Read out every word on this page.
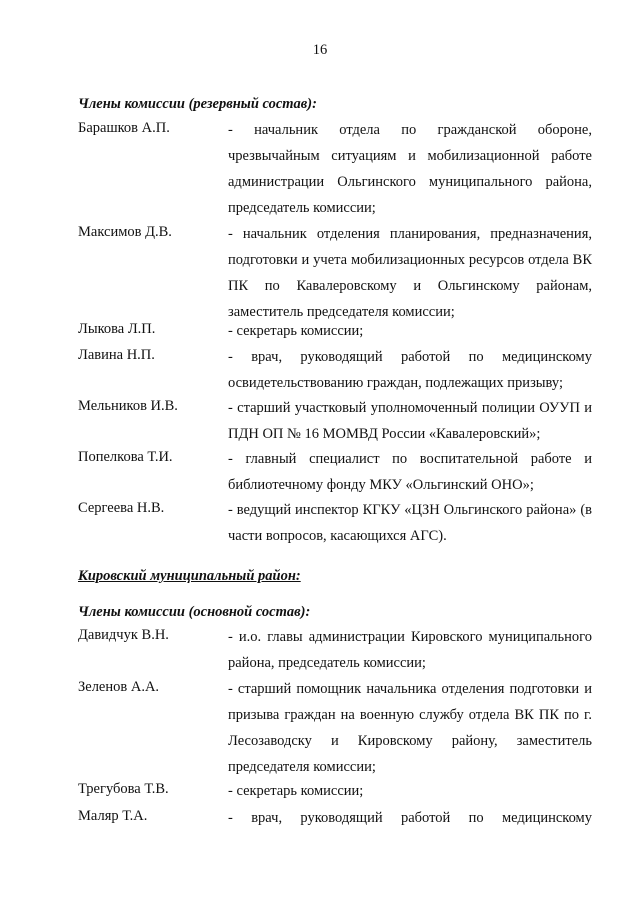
16
Члены комиссии (резервный состав):
Барашков А.П.	- начальник отдела по гражданской обороне, чрезвычайным ситуациям и мобилизационной работе администрации Ольгинского муниципального района, председатель комиссии;
Максимов Д.В.	- начальник отделения планирования, предназначения, подготовки и учета мобилизационных ресурсов отдела ВК ПК по Кавалеровскому и Ольгинскому районам, заместитель председателя комиссии;
Лыкова Л.П.	- секретарь комиссии;
Лавина Н.П.	- врач, руководящий работой по медицинскому освидетельствованию граждан, подлежащих призыву;
Мельников И.В.	- старший участковый уполномоченный полиции ОУУП и ПДН ОП № 16 МОМВД России «Кавалеровский»;
Попелкова Т.И.	- главный специалист по воспитательной работе и библиотечному фонду МКУ «Ольгинский ОНО»;
Сергеева Н.В.	- ведущий инспектор КГКУ «ЦЗН Ольгинского района» (в части вопросов, касающихся АГС).
Кировский муниципальный район:
Члены комиссии (основной состав):
Давидчук В.Н.	- и.о. главы администрации Кировского муниципального района, председатель комиссии;
Зеленов А.А.	- старший помощник начальника отделения подготовки и призыва граждан на военную службу отдела ВК ПК по г. Лесозаводску и Кировскому району, заместитель председателя комиссии;
Трегубова Т.В.	- секретарь комиссии;
Маляр Т.А.	- врач, руководящий работой по медицинскому
